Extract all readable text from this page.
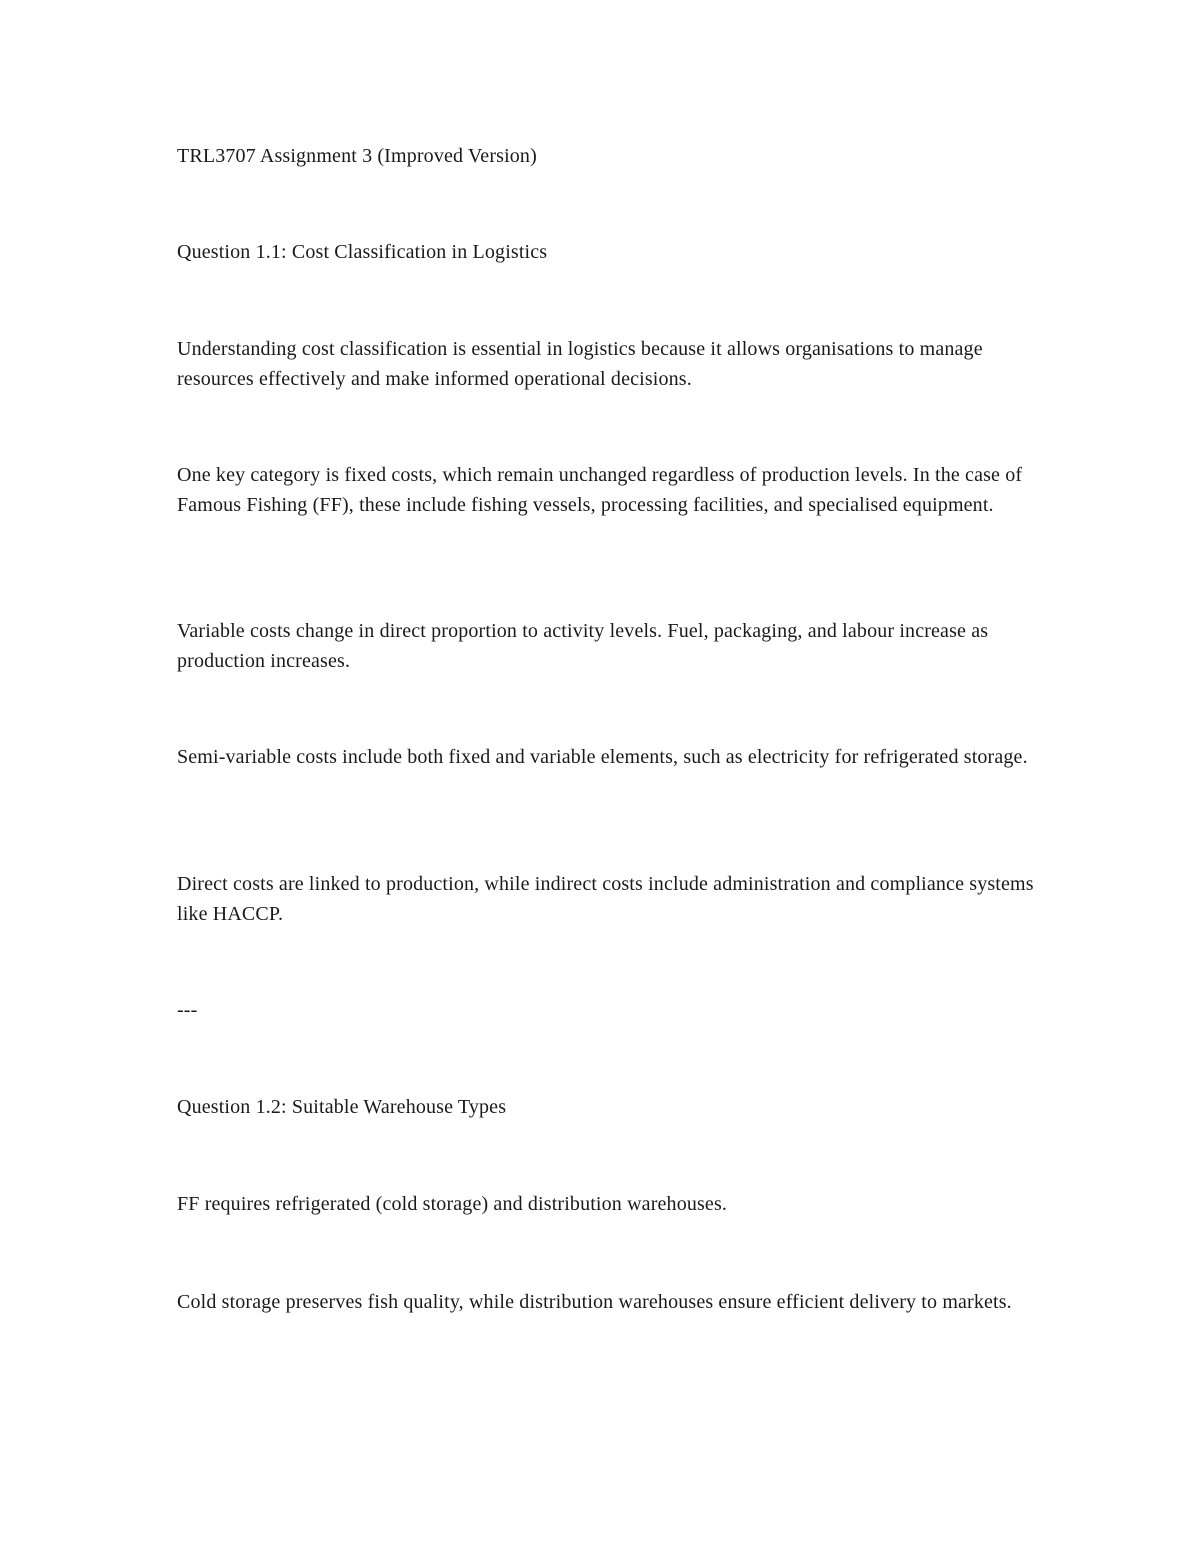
TRL3707 Assignment 3 (Improved Version)

Question 1.1: Cost Classification in Logistics

Understanding cost classification is essential in logistics because it allows organisations to manage resources effectively and make informed operational decisions.

One key category is fixed costs, which remain unchanged regardless of production levels. In the case of Famous Fishing (FF), these include fishing vessels, processing facilities, and specialised equipment.

Variable costs change in direct proportion to activity levels. Fuel, packaging, and labour increase as production increases.

Semi-variable costs include both fixed and variable elements, such as electricity for refrigerated storage.

Direct costs are linked to production, while indirect costs include administration and compliance systems like HACCP.

---

Question 1.2: Suitable Warehouse Types

FF requires refrigerated (cold storage) and distribution warehouses.

Cold storage preserves fish quality, while distribution warehouses ensure efficient delivery to markets.
